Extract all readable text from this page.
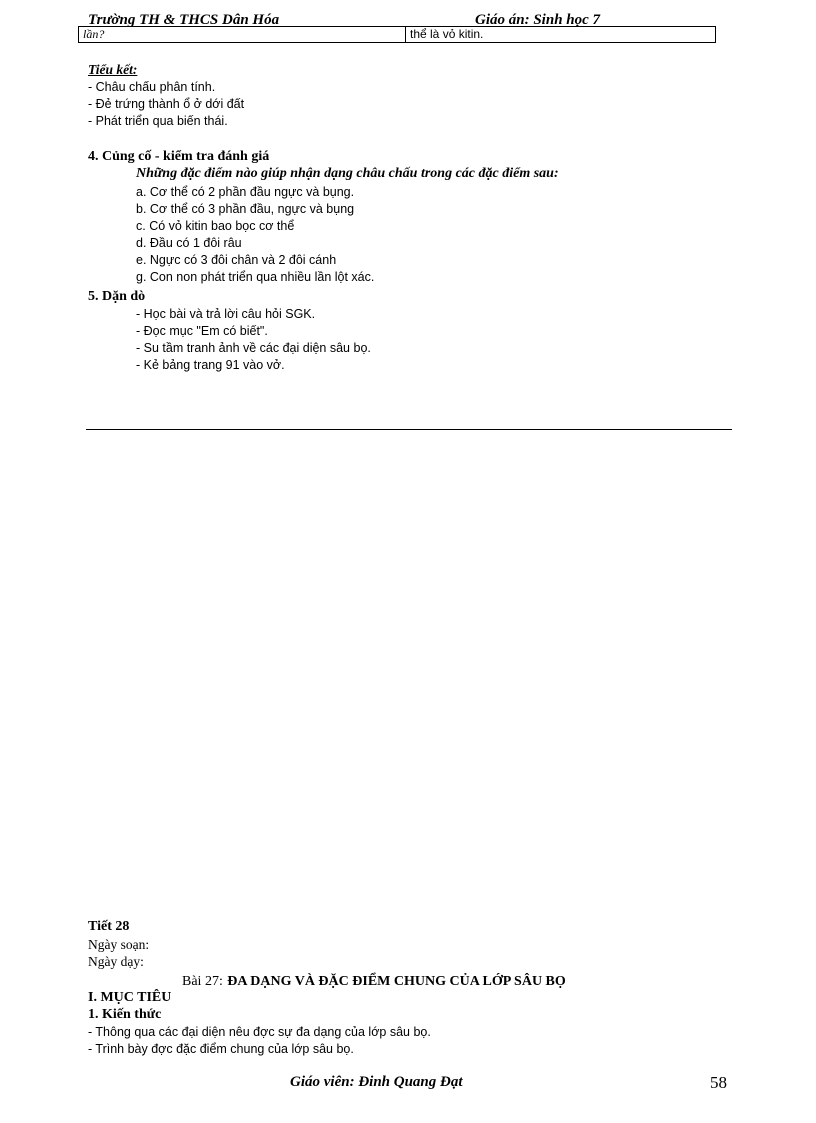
Trường TH & THCS Dân Hóa	Giáo án: Sinh học 7
lần?	thể là vỏ kitin.
Tiểu kết:
- Châu chấu phân tính.
- Đẻ trứng thành ổ ở dới đất
- Phát triển qua biến thái.
4. Củng cố - kiểm tra đánh giá
Những đặc điểm nào giúp nhận dạng châu chấu trong các đặc điểm sau:
a. Cơ thể có 2 phần đầu ngực và bụng.
b. Cơ thể có 3 phần đầu, ngực và bụng
c. Có vỏ kitin bao bọc cơ thể
d. Đầu có 1 đôi râu
e. Ngực có 3 đôi chân và 2 đôi cánh
g. Con non phát triển qua nhiều lần lột xác.
5. Dặn dò
- Học bài và trả lời câu hỏi SGK.
- Đọc mục "Em có biết".
- Su tầm tranh ảnh về các đại diện sâu bọ.
- Kẻ bảng trang 91 vào vở.
Tiết 28
Ngày soạn:
Ngày dạy:
Bài 27: ĐA DẠNG VÀ ĐẶC ĐIỂM CHUNG CỦA LỚP SÂU BỌ
I. MỤC TIÊU
1. Kiến thức
- Thông qua các đại diện nêu đợc sự đa dạng của lớp sâu bọ.
- Trình bày đợc đặc điểm chung của lớp sâu bọ.
Giáo viên: Đinh Quang Đạt	58
